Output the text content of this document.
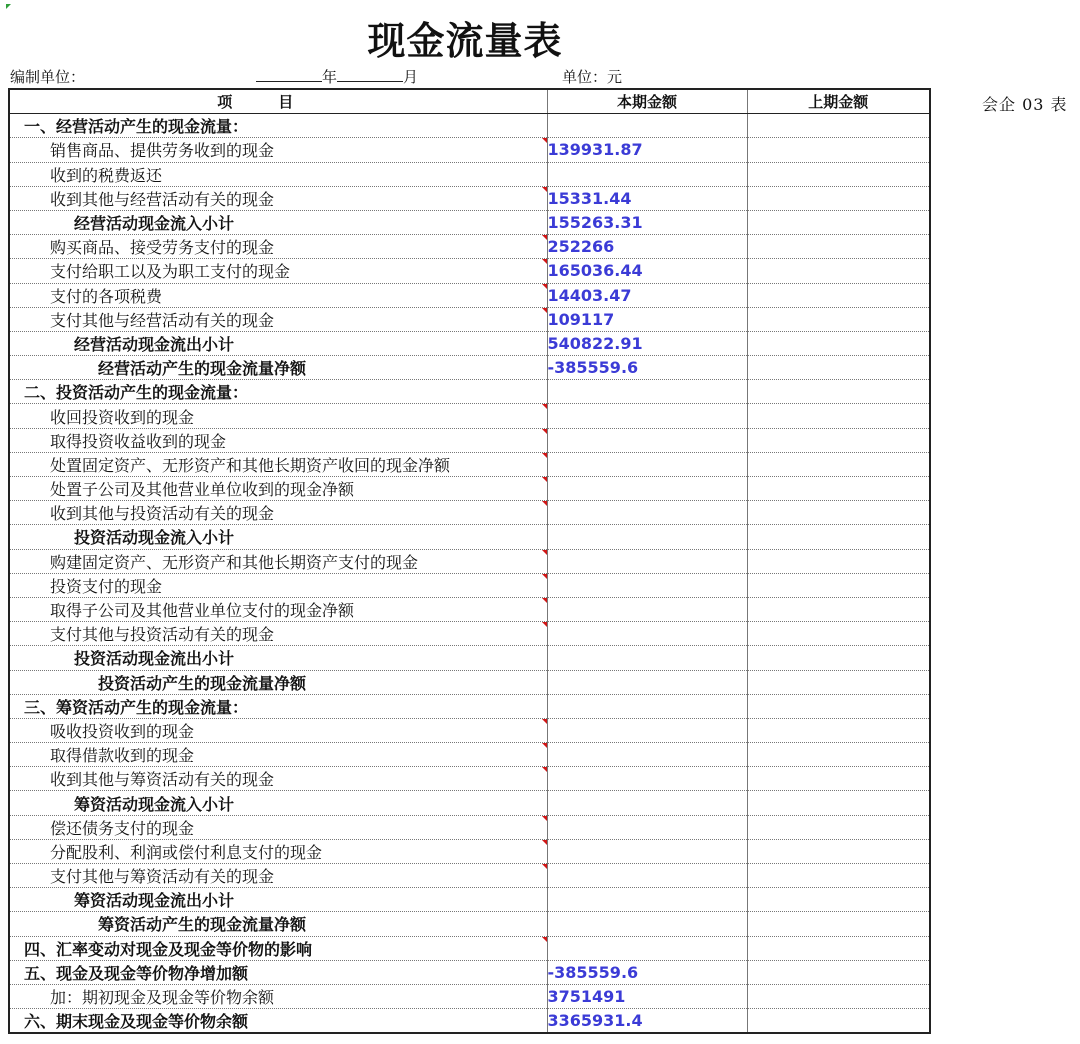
现金流量表
编制单位：	年	月	单位：元
会企 03 表
项目	本期金额	上期金额
一、经营活动产生的现金流量：		
销售商品、提供劳务收到的现金	139931.87	
收到的税费返还		
收到其他与经营活动有关的现金	15331.44	
经营活动现金流入小计	155263.31	
购买商品、接受劳务支付的现金	252266	
支付给职工以及为职工支付的现金	165036.44	
支付的各项税费	14403.47	
支付其他与经营活动有关的现金	109117	
经营活动现金流出小计	540822.91	
经营活动产生的现金流量净额	-385559.6	
二、投资活动产生的现金流量：		
收回投资收到的现金

取得投资收益收到的现金

处置固定资产、无形资产和其他长期资产收回的现金净额

处置子公司及其他营业单位收到的现金净额

收到其他与投资活动有关的现金

投资活动现金流入小计		
购建固定资产、无形资产和其他长期资产支付的现金

投资支付的现金

取得子公司及其他营业单位支付的现金净额

支付其他与投资活动有关的现金

投资活动现金流出小计		
投资活动产生的现金流量净额		
三、筹资活动产生的现金流量：		
吸收投资收到的现金

取得借款收到的现金

收到其他与筹资活动有关的现金

筹资活动现金流入小计		
偿还债务支付的现金

分配股利、利润或偿付利息支付的现金

支付其他与筹资活动有关的现金

筹资活动现金流出小计		
筹资活动产生的现金流量净额		
四、汇率变动对现金及现金等价物的影响

五、现金及现金等价物净增加额	-385559.6	
加：期初现金及现金等价物余额	3751491	
六、期末现金及现金等价物余额	3365931.4	
